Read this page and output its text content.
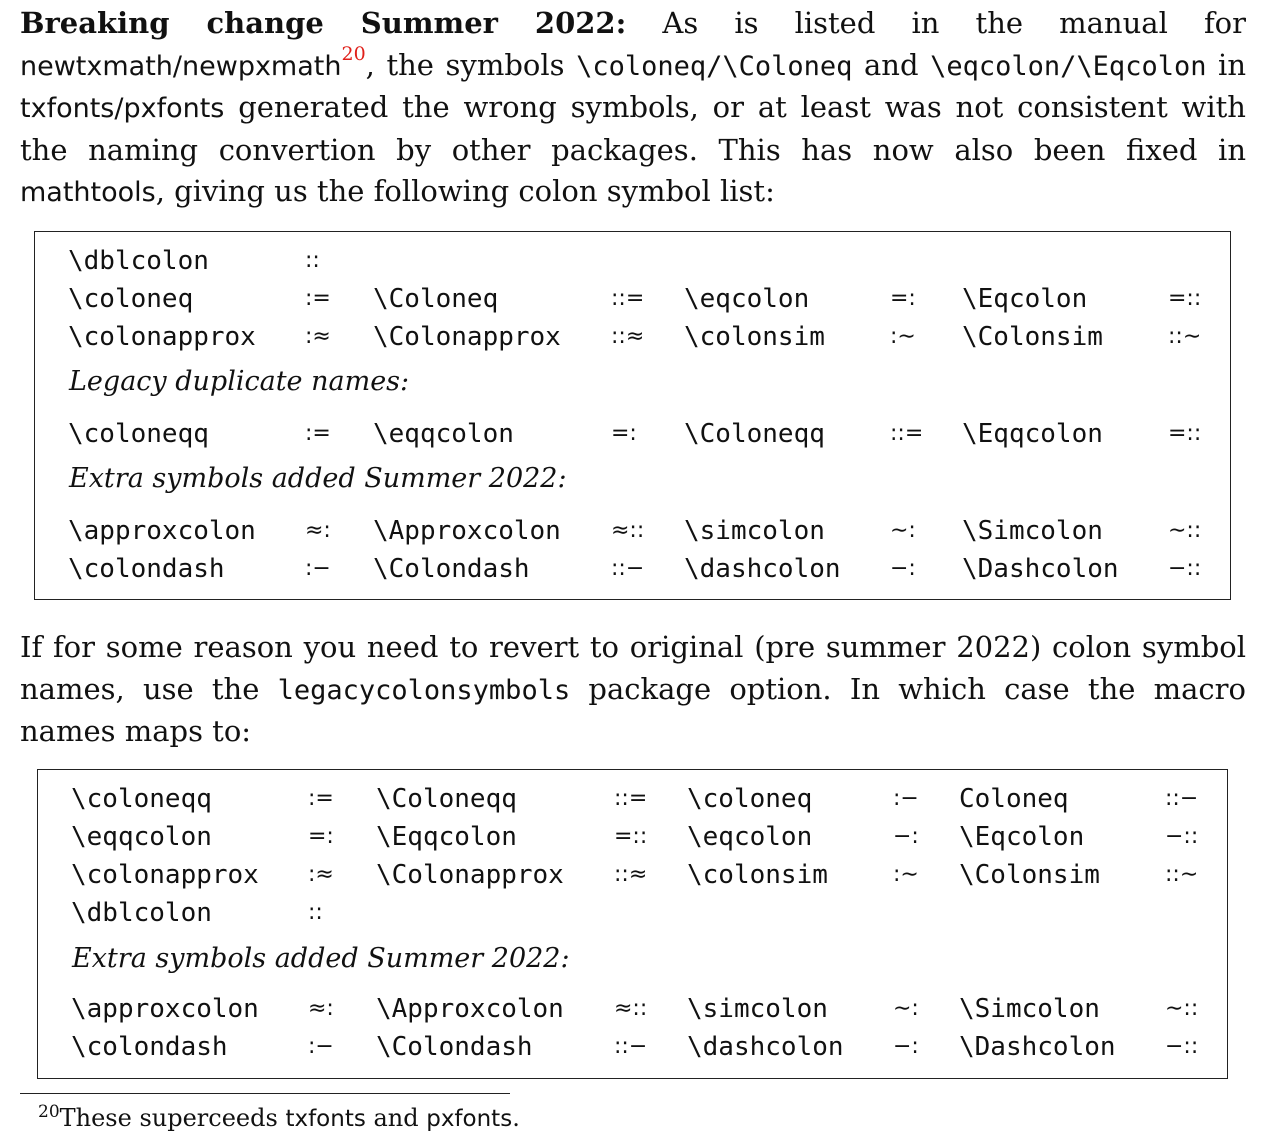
Breaking change Summer 2022: As is listed in the manual for newtxmath/newpxmath$^{20}$, the symbols \coloneq/\Coloneq and \eqcolon/\Eqcolon in txfonts/pxfonts generated the wrong symbols, or at least was not consistent with the naming convertion by other packages. This has now also been fixed in mathtools, giving us the following colon symbol list:
\dblcolon	::
\coloneq	:= \Coloneq	::= \eqcolon	=: \Eqcolon	=::
\colonapprox :≈ \Colonapprox ::≈ \colonsim	:∼ \Colonsim	::∼
Legacy duplicate names:
\coloneqq	:= \eqqcolon	=: \Coloneqq	::= \Eqqcolon	=::
Extra symbols added Summer 2022:
\approxcolon ≈: \Approxcolon ≈:: \simcolon	∼: \Simcolon	∼::
\colondash	:− \Colondash	::− \dashcolon −: \Dashcolon −::
If for some reason you need to revert to original (pre summer 2022) colon symbol names, use the legacycolonsymbols package option. In which case the macro names maps to:
\coloneqq	:= \Coloneqq	::= \coloneq	:− Coloneq	::−
\eqqcolon	=: \Eqqcolon	=:: \eqcolon	−: \Eqcolon	−::
\colonapprox :≈ \Colonapprox ::≈ \colonsim	:∼ \Colonsim	::∼
\dblcolon	::
Extra symbols added Summer 2022:
\approxcolon ≈: \Approxcolon ≈:: \simcolon	∼: \Simcolon	∼::
\colondash	:− \Colondash	::− \dashcolon −: \Dashcolon −::
$^{20}$These superceeds txfonts and pxfonts.
